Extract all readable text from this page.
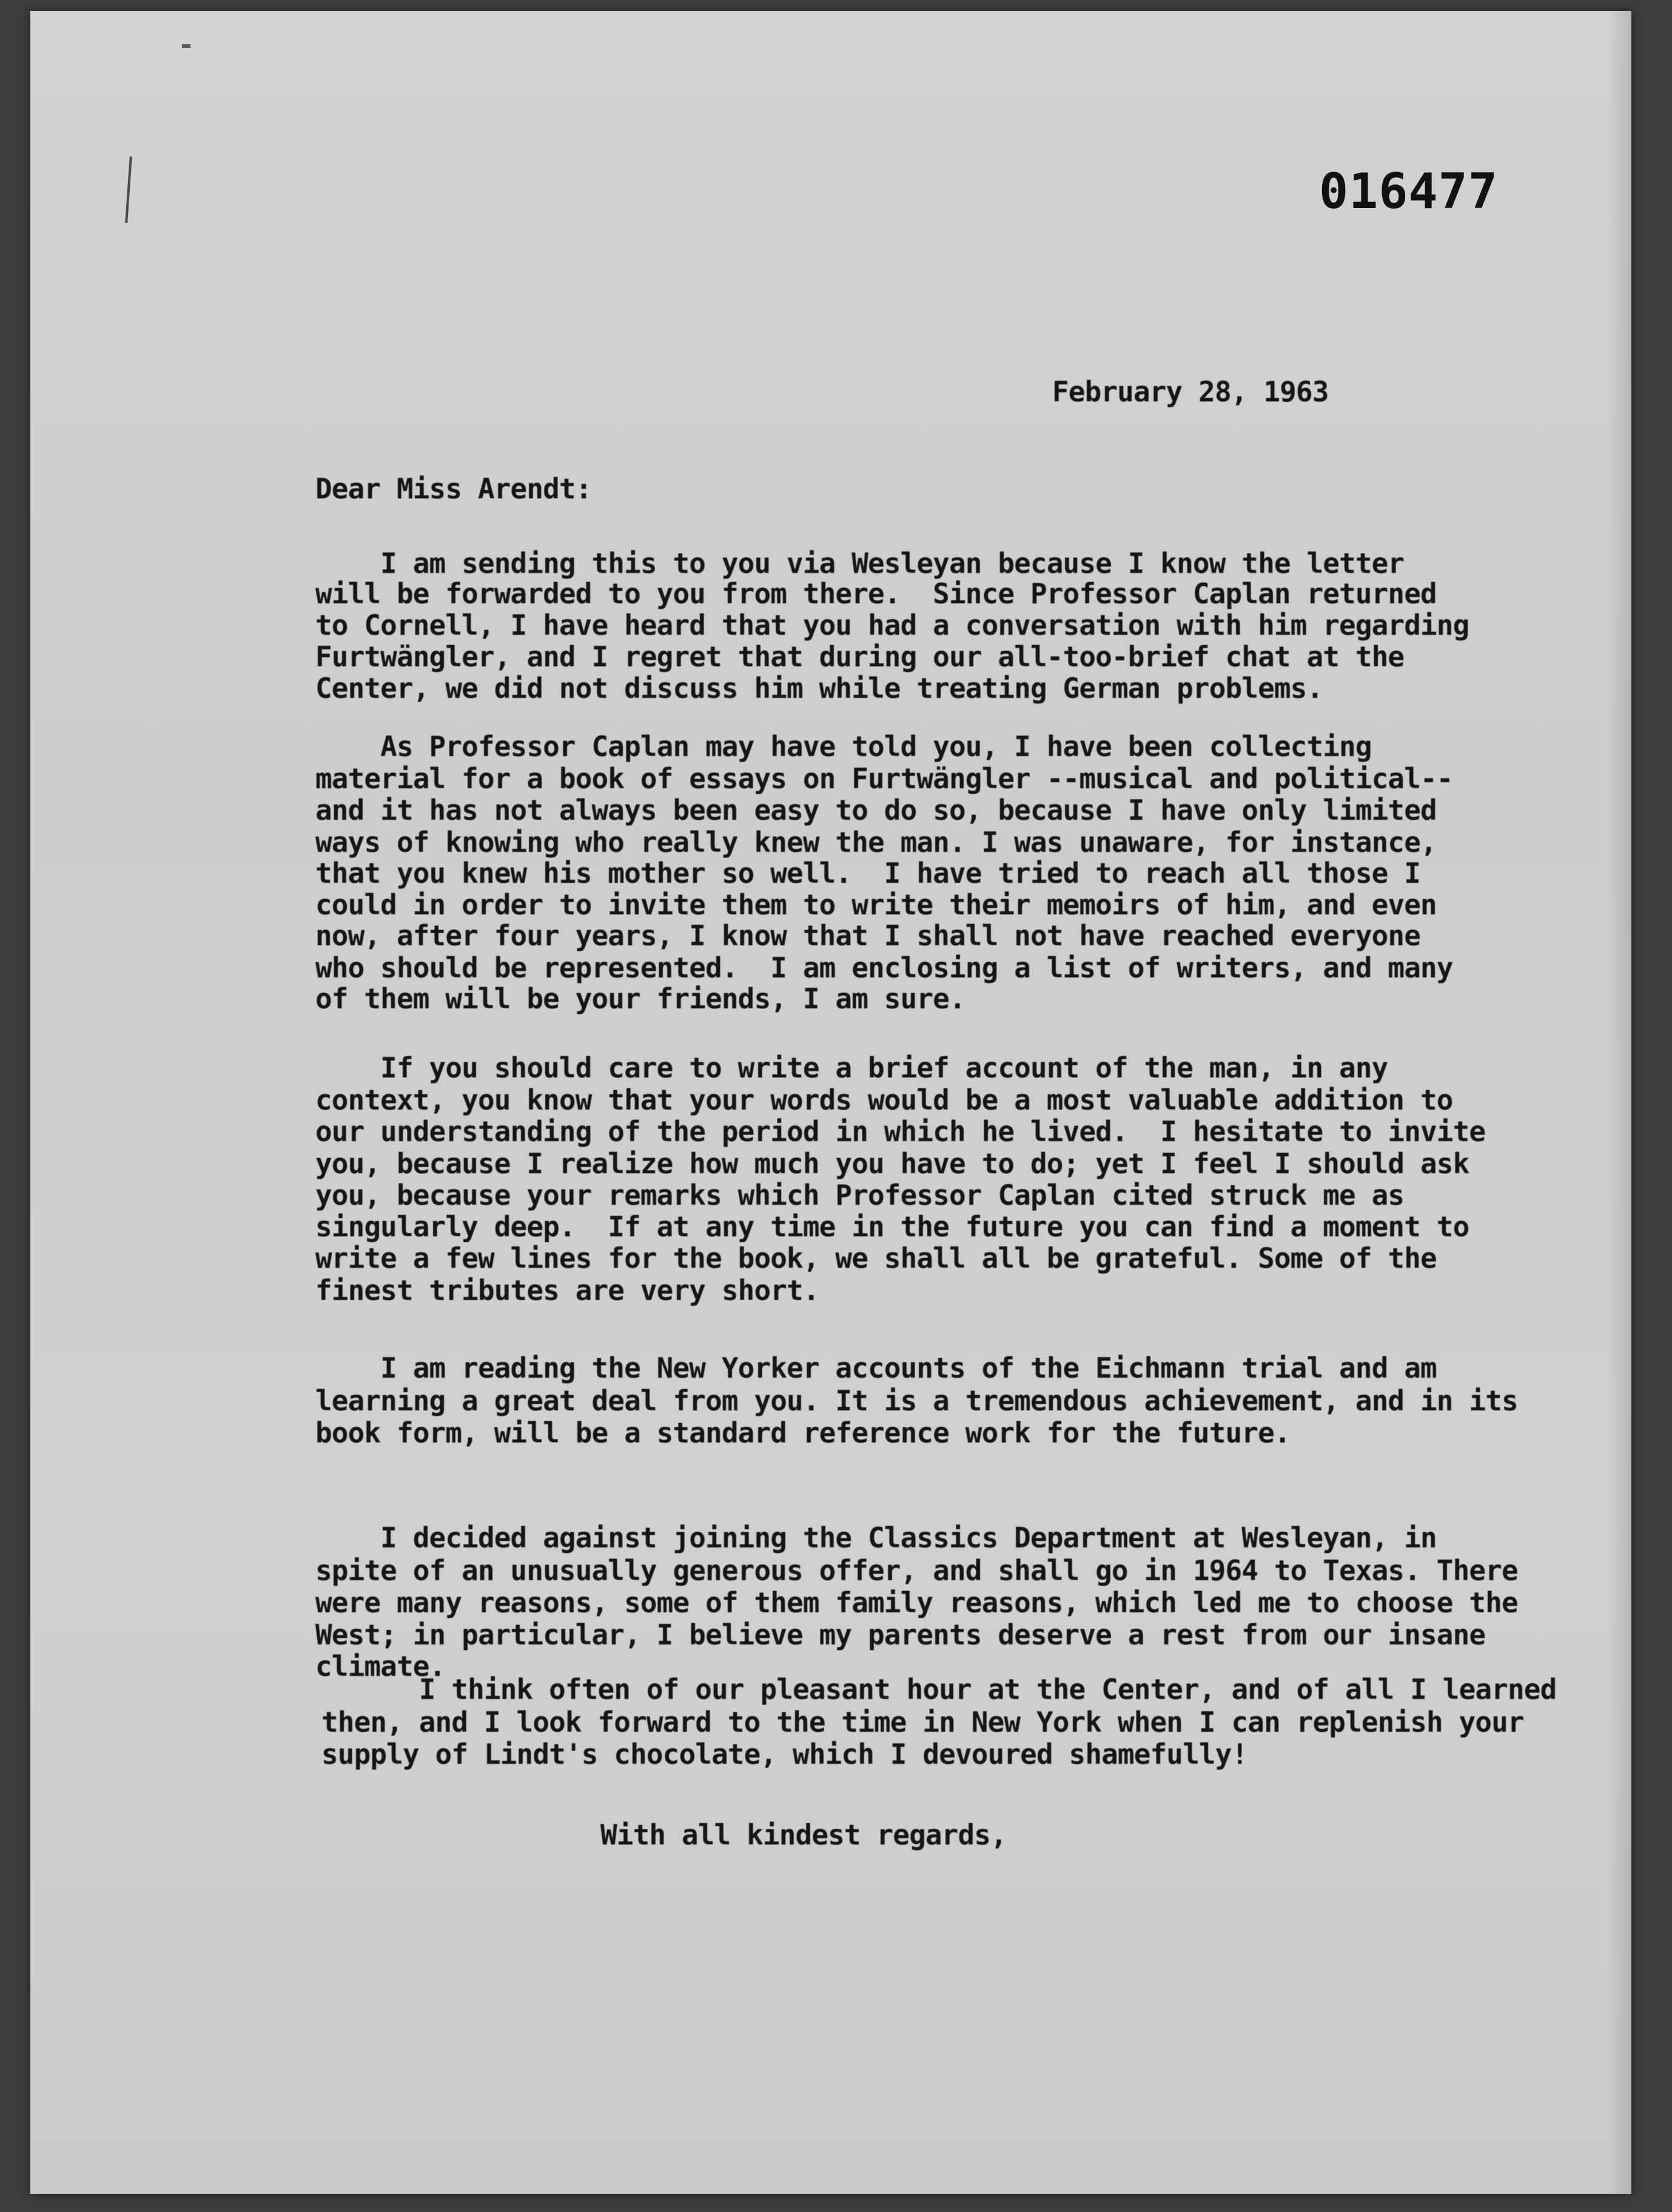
016477
February 28, 1963
Dear Miss Arendt:
I am sending this to you via Wesleyan because I know the letter
will be forwarded to you from there.  Since Professor Caplan returned
to Cornell, I have heard that you had a conversation with him regarding
Furtwängler, and I regret that during our all-too-brief chat at the
Center, we did not discuss him while treating German problems.
As Professor Caplan may have told you, I have been collecting
material for a book of essays on Furtwängler --musical and political--
and it has not always been easy to do so, because I have only limited
ways of knowing who really knew the man. I was unaware, for instance,
that you knew his mother so well.  I have tried to reach all those I
could in order to invite them to write their memoirs of him, and even
now, after four years, I know that I shall not have reached everyone
who should be represented.  I am enclosing a list of writers, and many
of them will be your friends, I am sure.
If you should care to write a brief account of the man, in any
context, you know that your words would be a most valuable addition to
our understanding of the period in which he lived.  I hesitate to invite
you, because I realize how much you have to do; yet I feel I should ask
you, because your remarks which Professor Caplan cited struck me as
singularly deep.  If at any time in the future you can find a moment to
write a few lines for the book, we shall all be grateful. Some of the
finest tributes are very short.
I am reading the New Yorker accounts of the Eichmann trial and am
learning a great deal from you. It is a tremendous achievement, and in its
book form, will be a standard reference work for the future.
I decided against joining the Classics Department at Wesleyan, in
spite of an unusually generous offer, and shall go in 1964 to Texas. There
were many reasons, some of them family reasons, which led me to choose the
West; in particular, I believe my parents deserve a rest from our insane
climate.
I think often of our pleasant hour at the Center, and of all I learned
then, and I look forward to the time in New York when I can replenish your
supply of Lindt's chocolate, which I devoured shamefully!
With all kindest regards,
